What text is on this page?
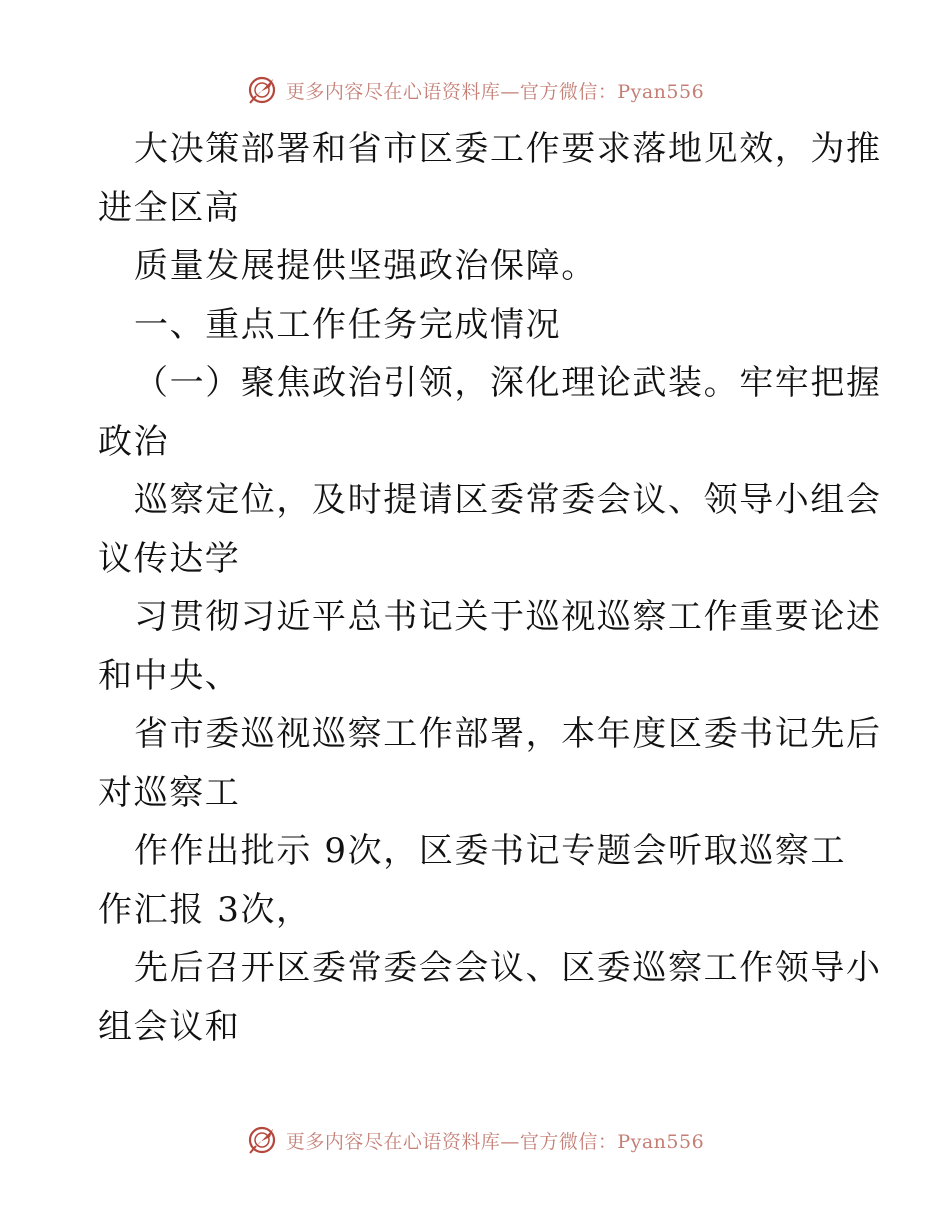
更多内容尽在心语资料库—官方微信：Pyan556
大决策部署和省市区委工作要求落地见效，为推
进全区高
质量发展提供坚强政治保障。
一、重点工作任务完成情况
（一）聚焦政治引领，深化理论武装。牢牢把握
政治
巡察定位，及时提请区委常委会议、领导小组会
议传达学
习贯彻习近平总书记关于巡视巡察工作重要论述
和中央、
省市委巡视巡察工作部署，本年度区委书记先后
对巡察工
作作出批示 9次，区委书记专题会听取巡察工
作汇报 3次，
先后召开区委常委会会议、区委巡察工作领导小
组会议和
更多内容尽在心语资料库—官方微信：Pyan556
